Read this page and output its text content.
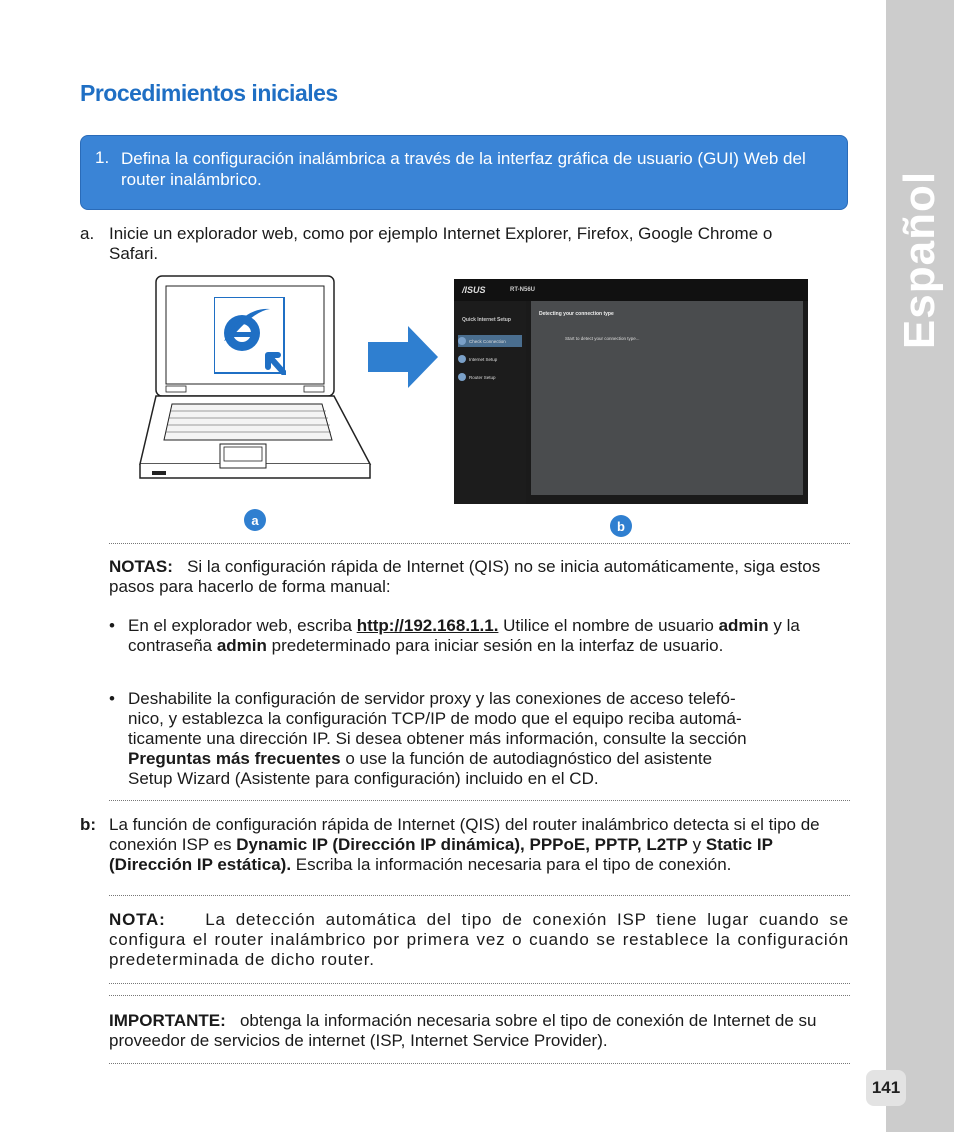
Español
Procedimientos iniciales
1. Defina la configuración inalámbrica a través de la interfaz gráfica de usuario (GUI) Web del router inalámbrico.
a. Inicie un explorador web, como por ejemplo Internet Explorer, Firefox, Google Chrome o Safari.
/ISUS	RT-N56U
Quick Internet Setup
Check Connection
Internet Setup
Router Setup
Detecting your connection type
Start to detect your connection type...
a	b
NOTAS: Si la configuración rápida de Internet (QIS) no se inicia automáticamente, siga estos pasos para hacerlo de forma manual:
• En el explorador web, escriba http://192.168.1.1. Utilice el nombre de usuario admin y la contraseña admin predeterminado para iniciar sesión en la interfaz de usuario.
• Deshabilite la configuración de servidor proxy y las conexiones de acceso telefó-
nico, y establezca la configuración TCP/IP de modo que el equipo reciba automá-
ticamente una dirección IP. Si desea obtener más información, consulte la sección
Preguntas más frecuentes o use la función de autodiagnóstico del asistente
Setup Wizard (Asistente para configuración) incluido en el CD.
b: La función de configuración rápida de Internet (QIS) del router inalámbrico detecta si el tipo de conexión ISP es Dynamic IP (Dirección IP dinámica), PPPoE, PPTP, L2TP y Static IP (Dirección IP estática). Escriba la información necesaria para el tipo de conexión.
NOTA: La detección automática del tipo de conexión ISP tiene lugar cuando se configura el router inalámbrico por primera vez o cuando se restablece la configuración predeterminada de dicho router.
IMPORTANTE: obtenga la información necesaria sobre el tipo de conexión de Internet de su proveedor de servicios de internet (ISP, Internet Service Provider).
141
